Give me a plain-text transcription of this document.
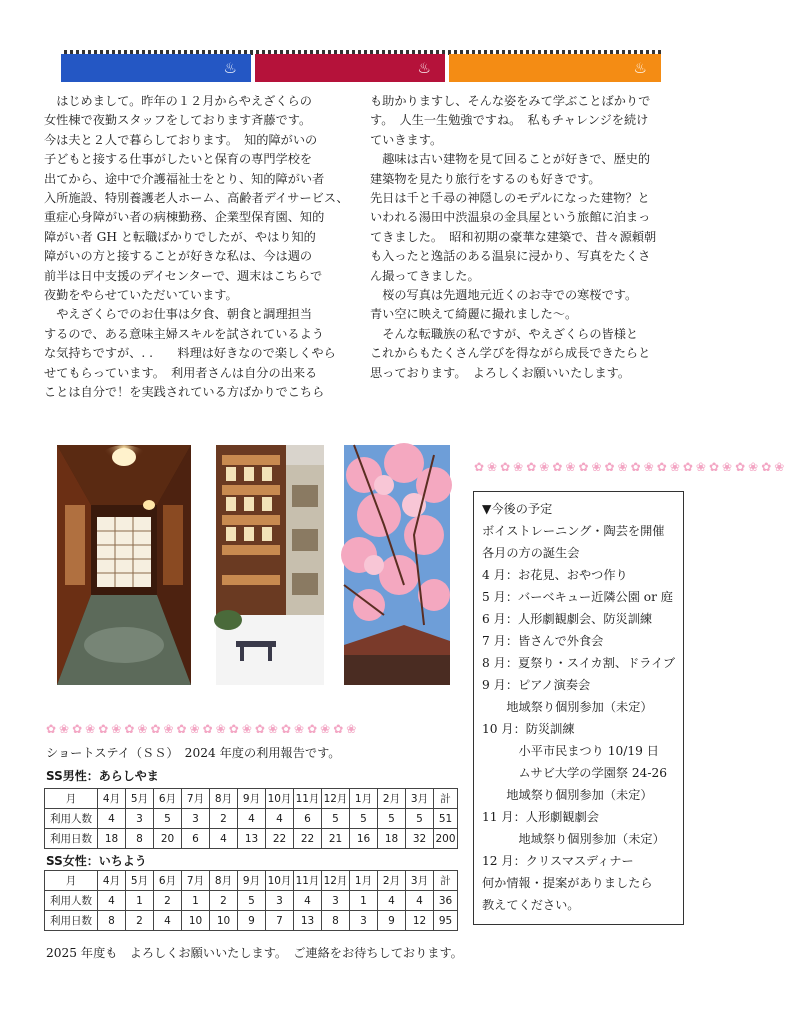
♨	♨	♨

はじめまして。昨年の１２月からやえざくらの

女性棟で夜勤スタッフをしております斉藤です。

今は夫と２人で暮らしております。　知的障がいの

子どもと接する仕事がしたいと保育の専門学校を

出てから、途中で介護福祉士をとり、知的障がい者

入所施設、特別養護老人ホーム、高齢者デイサービス、

重症心身障がい者の病棟勤務、企業型保育園、知的

障がい者 GH と転職ばかりでしたが、やはり知的

障がいの方と接することが好きな私は、今は週の

前半は日中支援のデイセンターで、週末はこちらで

夜勤をやらせていただいています。

やえざくらでのお仕事は夕食、朝食と調理担当

するので、ある意味主婦スキルを試されているよう

な気持ちですが、. .　　料理は好きなので楽しくやら

せてもらっています。　利用者さんは自分の出来る

ことは自分で！を実践されている方ばかりでこちら

も助かりますし、そんな姿をみて学ぶことばかりで

す。　人生一生勉強ですね。　私もチャレンジを続け

ていきます。

趣味は古い建物を見て回ることが好きで、歴史的

建築物を見たり旅行をするのも好きです。

先日は千と千尋の神隠しのモデルになった建物？と

いわれる湯田中渋温泉の金具屋という旅館に泊まっ

てきました。　昭和初期の豪華な建築で、昔々源頼朝

も入ったと逸話のある温泉に浸かり、写真をたくさ

ん撮ってきました。

桜の写真は先週地元近くのお寺での寒桜です。

青い空に映えて綺麗に撮れました～。

そんな転職族の私ですが、やえざくらの皆様と

これからもたくさん学びを得ながら成長できたらと

思っております。　よろしくお願いいたします。

✿❀✿❀✿❀✿❀✿❀✿❀✿❀✿❀✿❀✿❀✿❀✿❀
✿❀✿❀✿❀✿❀✿❀✿❀✿❀✿❀✿❀✿❀✿❀✿❀
▼今後の予定
ボイストレーニング・陶芸を開催
各月の方の誕生会
4 月：お花見、おやつ作り
5 月：バーベキュー近隣公園 or 庭
6 月：人形劇観劇会、防災訓練
7 月：皆さんで外食会
8 月：夏祭り・スイカ割、ドライブ
9 月：ピアノ演奏会
　　地域祭り個別参加（未定）
10 月：防災訓練
　　　小平市民まつり 10/19 日
　　　ムサビ大学の学園祭 24-26
　　地域祭り個別参加（未定）
11 月：人形劇観劇会
　　　地域祭り個別参加（未定）
12 月：クリスマスディナー
何か情報・提案がありましたら
教えてください。
ショートステイ（ＳＳ）　2024 年度の利用報告です。
SS男性：あらしやま
月	4月	5月	6月	7月	8月	9月	10月	11月	12月	1月	2月	3月	計
利用人数	4	3	5	3	2	4	4	6	5	5	5	5	51
利用日数	18	8	20	6	4	13	22	22	21	16	18	32	200
SS女性：いちよう
月	4月	5月	6月	7月	8月	9月	10月	11月	12月	1月	2月	3月	計
利用人数	4	1	2	1	2	5	3	4	3	1	4	4	36
利用日数	8	2	4	10	10	9	7	13	8	3	9	12	95
2025 年度も　よろしくお願いいたします。　ご連絡をお待ちしております。
